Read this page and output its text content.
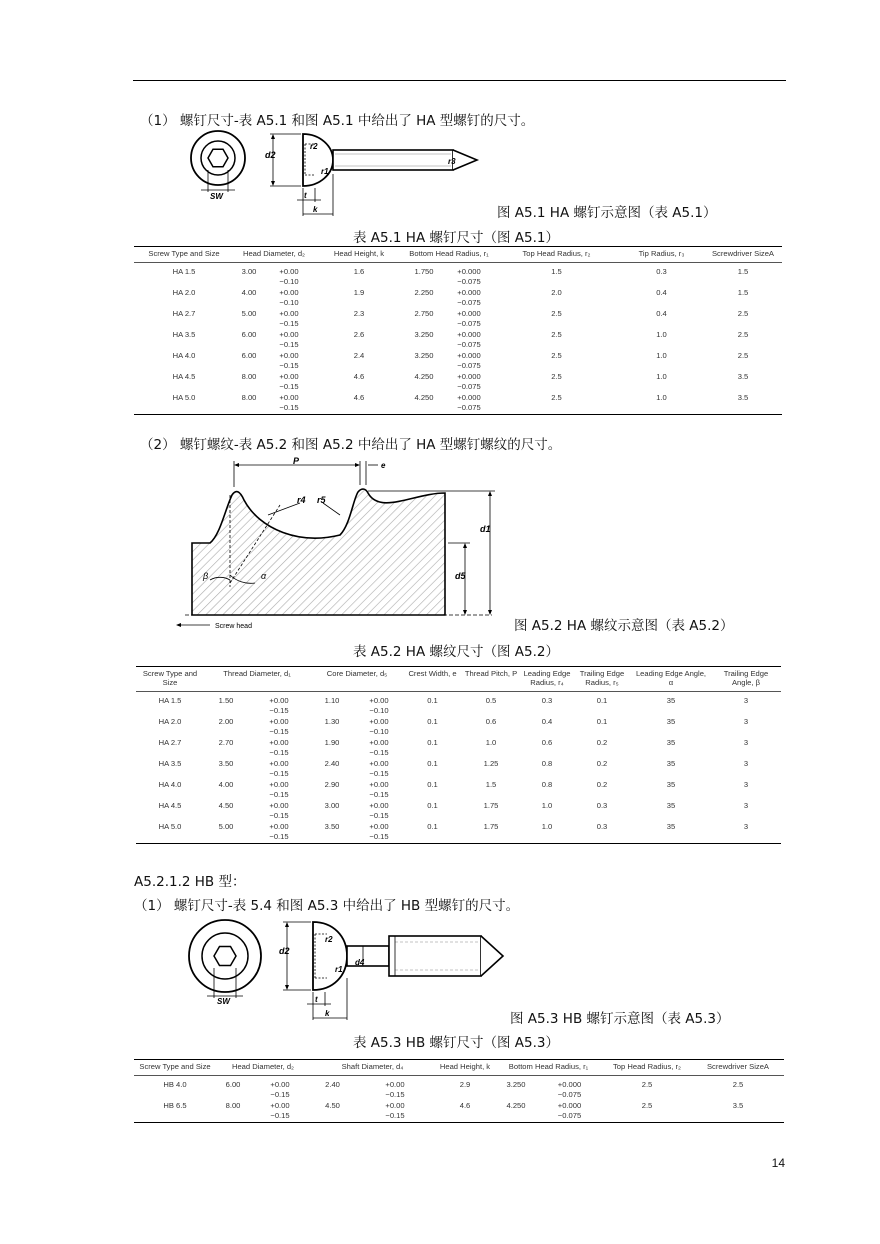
（1） 螺钉尺寸-表 A5.1 和图 A5.1 中给出了 HA 型螺钉的尺寸。
SW
d2
r2
r1
r3
t
k	图 A5.1 HA 螺钉示意图（表 A5.1）
表 A5.1 HA 螺钉尺寸（图 A5.1）
Screw Type and Size	Head Diameter, d₂		Head Height, k	Bottom Head Radius, r₁		Top Head Radius, r₂	Tip Radius, r₃	Screwdriver SizeA
HA 1.5	3.00	+0.00
−0.10	1.6	1.750	+0.000
−0.075	1.5	0.3	1.5
HA 2.0	4.00	+0.00
−0.10	1.9	2.250	+0.000
−0.075	2.0	0.4	1.5
HA 2.7	5.00	+0.00
−0.15	2.3	2.750	+0.000
−0.075	2.5	0.4	2.5
HA 3.5	6.00	+0.00
−0.15	2.6	3.250	+0.000
−0.075	2.5	1.0	2.5
HA 4.0	6.00	+0.00
−0.15	2.4	3.250	+0.000
−0.075	2.5	1.0	2.5
HA 4.5	8.00	+0.00
−0.15	4.6	4.250	+0.000
−0.075	2.5	1.0	3.5
HA 5.0	8.00	+0.00
−0.15	4.6	4.250	+0.000
−0.075	2.5	1.0	3.5
（2） 螺钉螺纹-表 A5.2 和图 A5.2 中给出了 HA 型螺钉螺纹的尺寸。
β	α
P	e
r4 r5
d1
d5
Screw head	图 A5.2 HA 螺纹示意图（表 A5.2）
表 A5.2 HA 螺纹尺寸（图 A5.2）
Screw Type and Size	Thread Diameter, d₁		Core Diameter, d₅		Crest Width, e	Thread Pitch, P	Leading Edge Radius, r₄	Trailing Edge Radius, r₅	Leading Edge Angle, α	Trailing Edge Angle, β
HA 1.5	1.50	+0.00
−0.15	1.10	+0.00
−0.10	0.1	0.5	0.3	0.1	35	3
HA 2.0	2.00	+0.00
−0.15	1.30	+0.00
−0.10	0.1	0.6	0.4	0.1	35	3
HA 2.7	2.70	+0.00
−0.15	1.90	+0.00
−0.15	0.1	1.0	0.6	0.2	35	3
HA 3.5	3.50	+0.00
−0.15	2.40	+0.00
−0.15	0.1	1.25	0.8	0.2	35	3
HA 4.0	4.00	+0.00
−0.15	2.90	+0.00
−0.15	0.1	1.5	0.8	0.2	35	3
HA 4.5	4.50	+0.00
−0.15	3.00	+0.00
−0.15	0.1	1.75	1.0	0.3	35	3
HA 5.0	5.00	+0.00
−0.15	3.50	+0.00
−0.15	0.1	1.75	1.0	0.3	35	3
A5.2.1.2 HB 型：
（1） 螺钉尺寸-表 5.4 和图 A5.3 中给出了 HB 型螺钉的尺寸。
SW
d2
r2
r1
d4
t
k	图 A5.3 HB 螺钉示意图（表 A5.3）
表 A5.3 HB 螺钉尺寸（图 A5.3）
Screw Type and Size	Head Diameter, d₂		Shaft Diameter, d₄		Head Height, k	Bottom Head Radius, r₁		Top Head Radius, r₂	Screwdriver SizeA
HB 4.0	6.00	+0.00
−0.15	2.40	+0.00
−0.15	2.9	3.250	+0.000
−0.075	2.5	2.5
HB 6.5	8.00	+0.00
−0.15	4.50	+0.00
−0.15	4.6	4.250	+0.000
−0.075	2.5	3.5
14
